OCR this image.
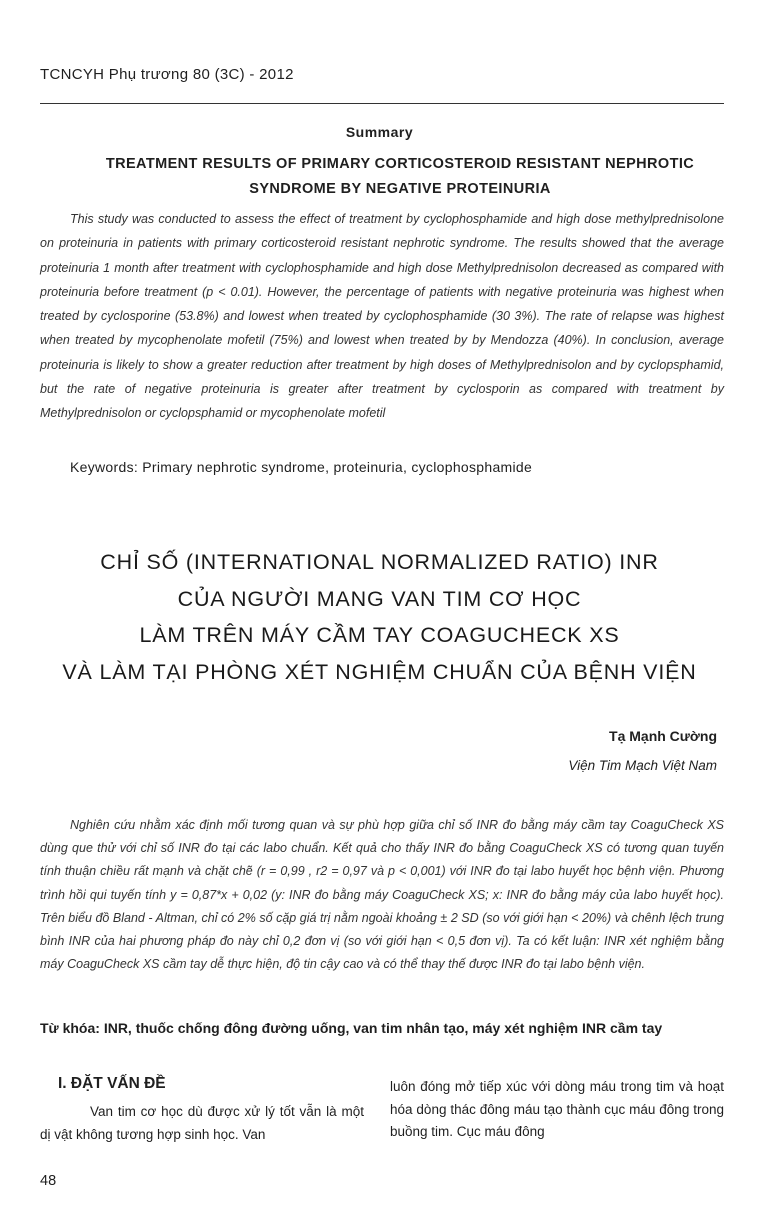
TCNCYH Phụ trương 80 (3C) - 2012
Summary
TREATMENT RESULTS OF PRIMARY CORTICOSTEROID RESISTANT NEPHROTIC
SYNDROME BY NEGATIVE PROTEINURIA

This study was conducted to assess the effect of treatment by cyclophosphamide and high dose methylprednisolone on proteinuria in patients with primary corticosteroid resistant nephrotic syndrome. The results showed that the average proteinuria 1 month after treatment with cyclophosphamide and high dose Methylprednisolon decreased as compared with proteinuria before treatment (p < 0.01). However, the percentage of patients with negative proteinuria was highest when treated by cyclosporine (53.8%) and lowest when treated by cyclophosphamide (30 3%). The rate of relapse was highest when treated by mycophenolate mofetil (75%) and lowest when treated by by Mendozza (40%). In conclusion, average proteinuria is likely to show a greater reduction after treatment by high doses of Methylprednisolon and by cyclopsphamid, but the rate of negative proteinuria is greater after treatment by cyclosporin as compared with treatment by Methylprednisolon or cyclopsphamid or mycophenolate mofetil

Keywords: Primary nephrotic syndrome, proteinuria, cyclophosphamide
CHỈ SỐ (INTERNATIONAL NORMALIZED RATIO) INR
CỦA NGƯỜI MANG VAN TIM CƠ HỌC
LÀM TRÊN MÁY CẦM TAY COAGUCHECK XS
VÀ LÀM TẠI PHÒNG XÉT NGHIỆM CHUẨN CỦA BỆNH VIỆN
Tạ Mạnh Cường
Viện Tim Mạch Việt Nam

Nghiên cứu nhằm xác định mối tương quan và sự phù hợp giữa chỉ số INR đo bằng máy cầm tay CoaguCheck XS dùng que thử với chỉ số INR đo tại các labo chuẩn. Kết quả cho thấy INR đo bằng CoaguCheck XS có tương quan tuyến tính thuận chiều rất mạnh và chặt chẽ (r = 0,99 , r2 = 0,97 và p < 0,001) với INR đo tại labo huyết học bệnh viện. Phương trình hồi qui tuyến tính y = 0,87*x + 0,02 (y: INR đo bằng máy CoaguCheck XS; x: INR đo bằng máy của labo huyết học). Trên biểu đồ Bland - Altman, chỉ có 2% số cặp giá trị nằm ngoài khoảng ± 2 SD (so với giới hạn < 20%) và chênh lệch trung bình INR của hai phương pháp đo này chỉ 0,2 đơn vị (so với giới hạn < 0,5 đơn vị). Ta có kết luận: INR xét nghiệm bằng máy CoaguCheck XS cầm tay dễ thực hiện, độ tin cậy cao và có thể thay thế được INR đo tại labo bệnh viện.

Từ khóa: INR, thuốc chống đông đường uống, van tim nhân tạo, máy xét nghiệm INR cầm tay
I. ĐẶT VẤN ĐỀ

Van tim cơ học dù được xử lý tốt vẫn là một dị vật không tương hợp sinh học. Van

luôn đóng mở tiếp xúc với dòng máu trong tim và hoạt hóa dòng thác đông máu tạo thành cục máu đông trong buồng tim. Cục máu đông

48
